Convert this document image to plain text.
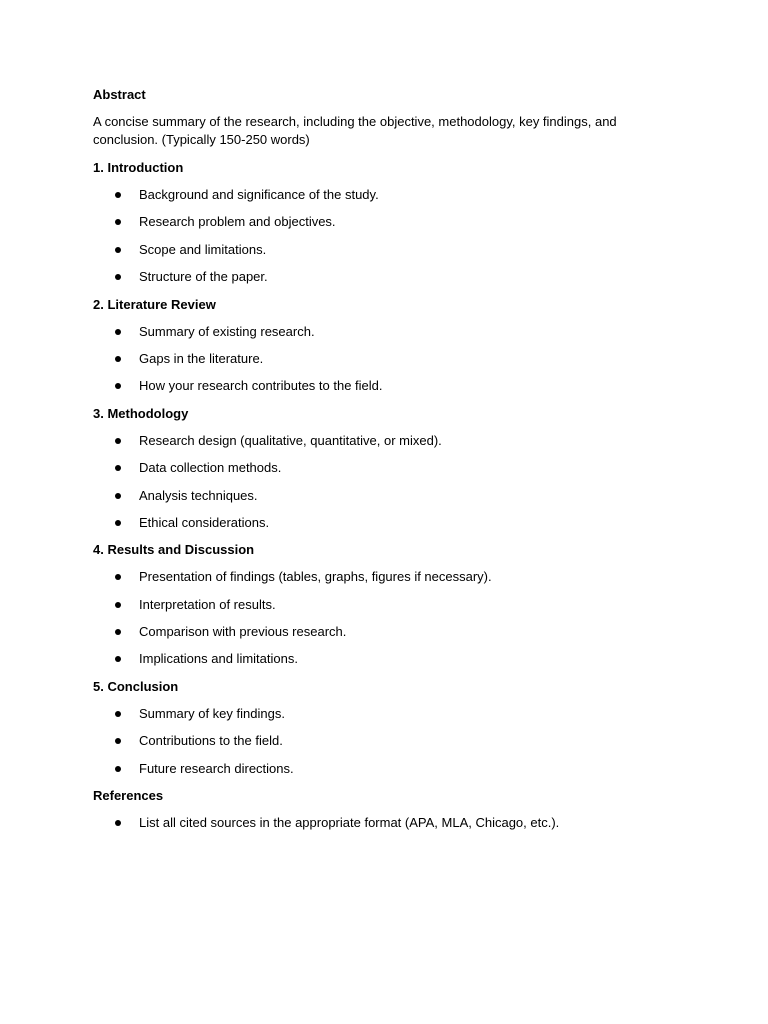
Abstract
A concise summary of the research, including the objective, methodology, key findings, and conclusion. (Typically 150-250 words)
1. Introduction
Background and significance of the study.
Research problem and objectives.
Scope and limitations.
Structure of the paper.
2. Literature Review
Summary of existing research.
Gaps in the literature.
How your research contributes to the field.
3. Methodology
Research design (qualitative, quantitative, or mixed).
Data collection methods.
Analysis techniques.
Ethical considerations.
4. Results and Discussion
Presentation of findings (tables, graphs, figures if necessary).
Interpretation of results.
Comparison with previous research.
Implications and limitations.
5. Conclusion
Summary of key findings.
Contributions to the field.
Future research directions.
References
List all cited sources in the appropriate format (APA, MLA, Chicago, etc.).
